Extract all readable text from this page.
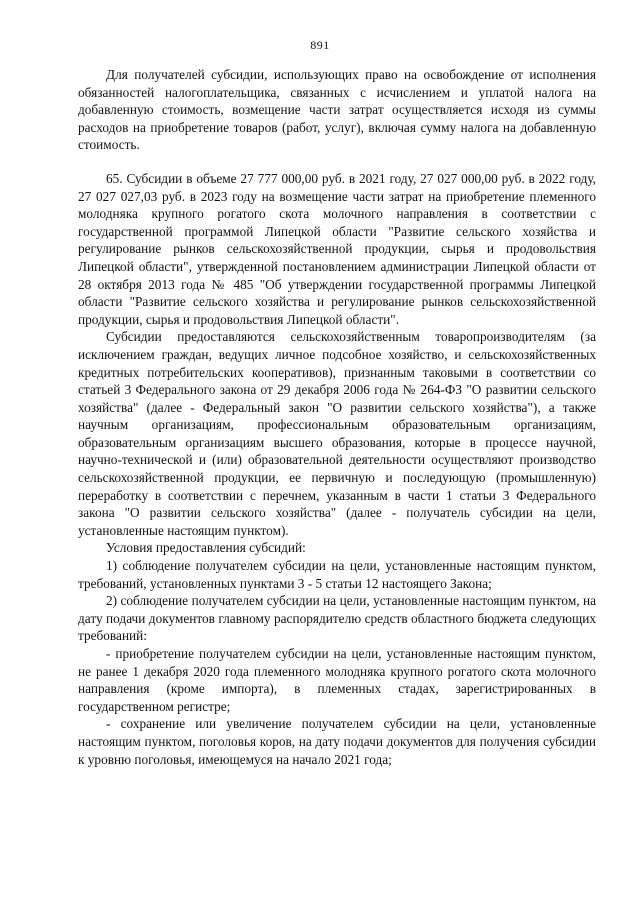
891

Для получателей субсидии, использующих право на освобождение от исполнения обязанностей налогоплательщика, связанных с исчислением и уплатой налога на добавленную стоимость, возмещение части затрат осуществляется исходя из суммы расходов на приобретение товаров (работ, услуг), включая сумму налога на добавленную стоимость.

65. Субсидии в объеме 27 777 000,00 руб. в 2021 году, 27 027 000,00 руб. в 2022 году, 27 027 027,03 руб. в 2023 году на возмещение части затрат на приобретение племенного молодняка крупного рогатого скота молочного направления в соответствии с государственной программой Липецкой области "Развитие сельского хозяйства и регулирование рынков сельскохозяйственной продукции, сырья и продовольствия Липецкой области", утвержденной постановлением администрации Липецкой области от 28 октября 2013 года № 485 "Об утверждении государственной программы Липецкой области "Развитие сельского хозяйства и регулирование рынков сельскохозяйственной продукции, сырья и продовольствия Липецкой области".

Субсидии предоставляются сельскохозяйственным товаропроизводителям (за исключением граждан, ведущих личное подсобное хозяйство, и сельскохозяйственных кредитных потребительских кооперативов), признанным таковыми в соответствии со статьей 3 Федерального закона от 29 декабря 2006 года № 264-ФЗ "О развитии сельского хозяйства" (далее - Федеральный закон "О развитии сельского хозяйства"), а также научным организациям, профессиональным образовательным организациям, образовательным организациям высшего образования, которые в процессе научной, научно-технической и (или) образовательной деятельности осуществляют производство сельскохозяйственной продукции, ее первичную и последующую (промышленную) переработку в соответствии с перечнем, указанным в части 1 статьи 3 Федерального закона "О развитии сельского хозяйства" (далее - получатель субсидии на цели, установленные настоящим пунктом).

Условия предоставления субсидий:

1) соблюдение получателем субсидии на цели, установленные настоящим пунктом, требований, установленных пунктами 3 - 5 статьи 12 настоящего Закона;

2) соблюдение получателем субсидии на цели, установленные настоящим пунктом, на дату подачи документов главному распорядителю средств областного бюджета следующих требований:

- приобретение получателем субсидии на цели, установленные настоящим пунктом, не ранее 1 декабря 2020 года племенного молодняка крупного рогатого скота молочного направления (кроме импорта), в племенных стадах, зарегистрированных в государственном регистре;

- сохранение или увеличение получателем субсидии на цели, установленные настоящим пунктом, поголовья коров, на дату подачи документов для получения субсидии к уровню поголовья, имеющемуся на начало 2021 года;
